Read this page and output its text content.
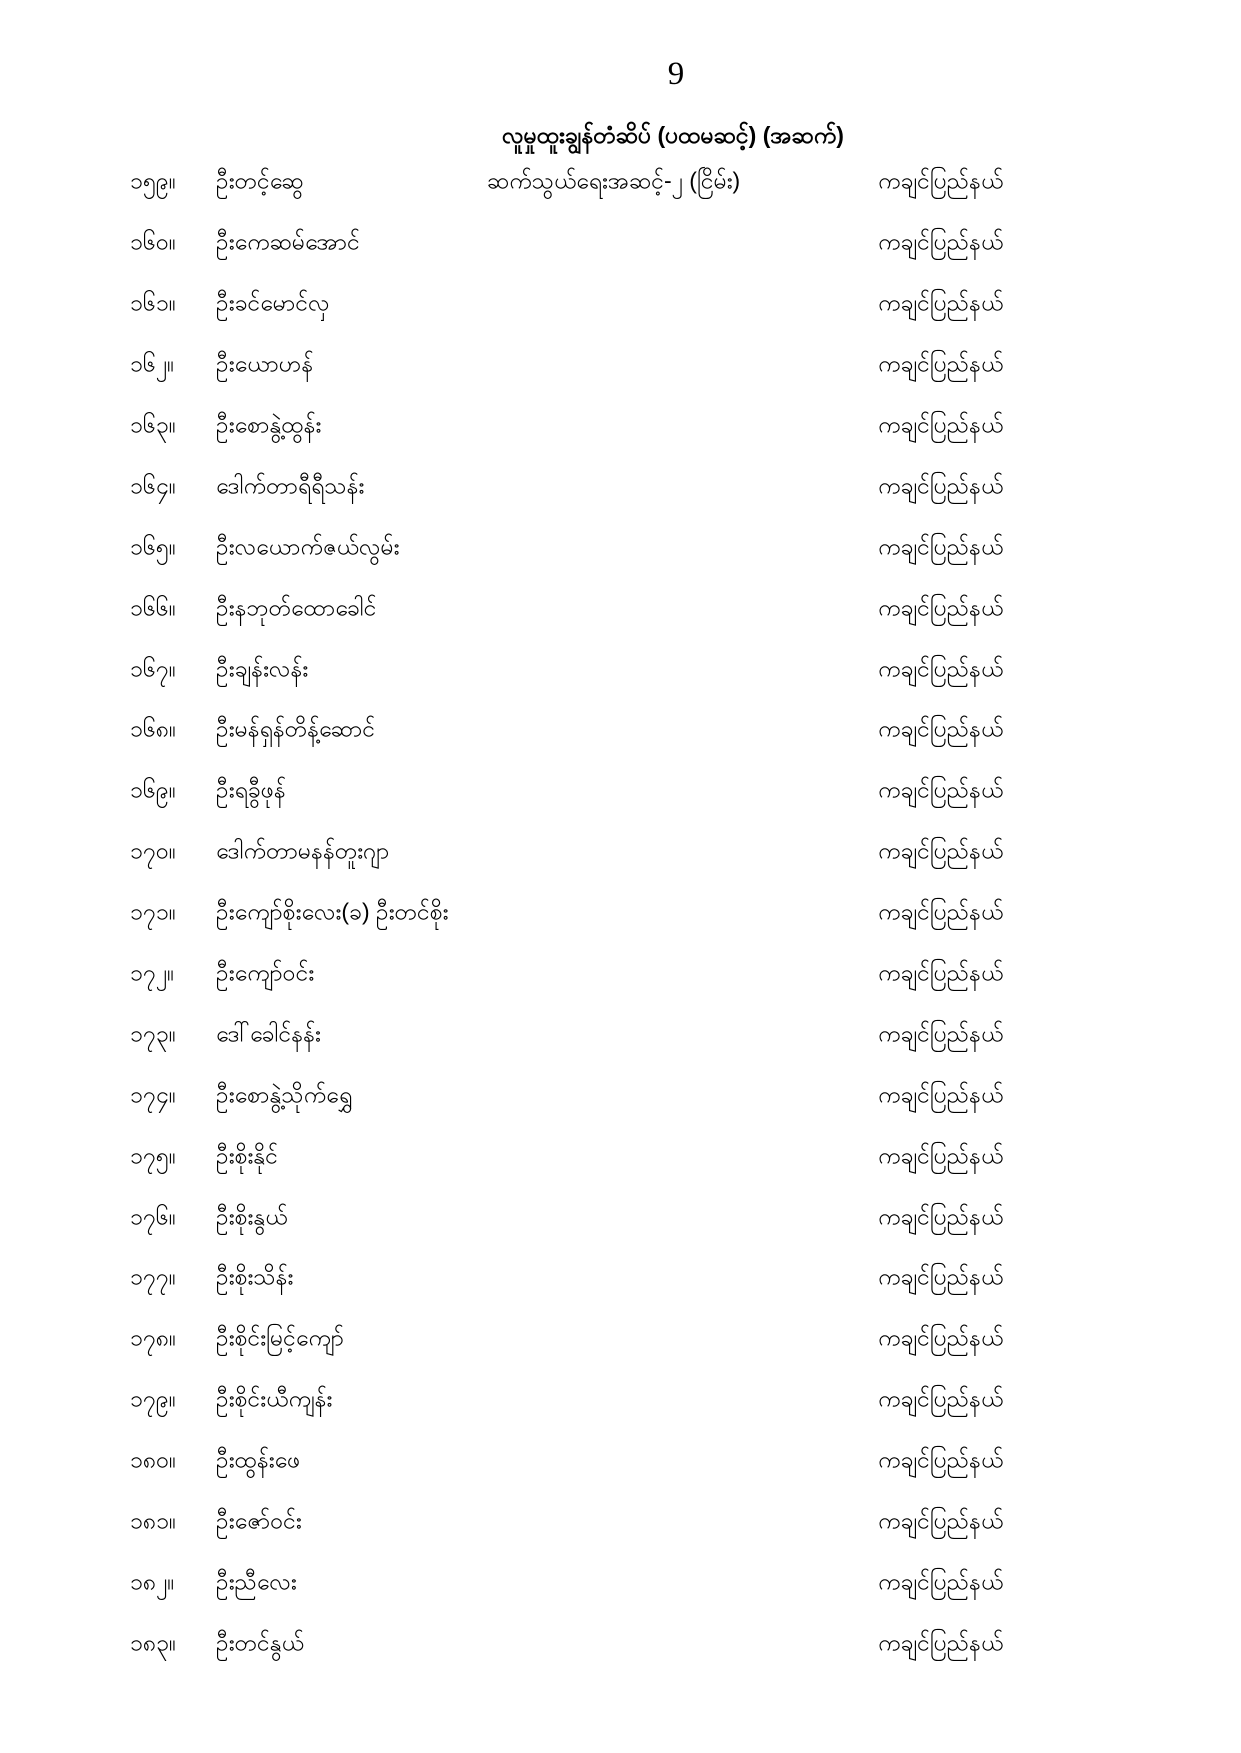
9
လူမှုထူးချွန်တံဆိပ် (ပထမဆင့်) (အဆက်)
၁၅၉။ ဦးတင့်ဆွေ	ဆက်သွယ်ရေးအဆင့်-၂ (ငြိမ်း)	ကချင်ပြည်နယ်
၁၆၀။ ဦးကေဆမ်အောင်	ကချင်ပြည်နယ်
၁၆၁။ ဦးခင်မောင်လှ	ကချင်ပြည်နယ်
၁၆၂။ ဦးယောဟန်	ကချင်ပြည်နယ်
၁၆၃။ ဦးစောနွဲ့ထွန်း	ကချင်ပြည်နယ်
၁၆၄။ ဒေါက်တာရီရီသန်း	ကချင်ပြည်နယ်
၁၆၅။ ဦးလယောက်ဇယ်လွမ်း	ကချင်ပြည်နယ်
၁၆၆။ ဦးနဘုတ်ထောခေါင်	ကချင်ပြည်နယ်
၁၆၇။ ဦးချန်းလန်း	ကချင်ပြည်နယ်
၁၆၈။ ဦးမန်ရှန်တိန့်ဆောင်	ကချင်ပြည်နယ်
၁၆၉။ ဦးရခွီဖုန်	ကချင်ပြည်နယ်
၁၇၀။ ဒေါက်တာမနန်တူးဂျာ	ကချင်ပြည်နယ်
၁၇၁။ ဦးကျော်စိုးလေး(ခ) ဦးတင်စိုး	ကချင်ပြည်နယ်
၁၇၂။ ဦးကျော်ဝင်း	ကချင်ပြည်နယ်
၁၇၃။ ဒေါ်ခေါင်နန်း	ကချင်ပြည်နယ်
၁၇၄။ ဦးစောနွဲ့သိုက်ရွှေ	ကချင်ပြည်နယ်
၁၇၅။ ဦးစိုးနိုင်	ကချင်ပြည်နယ်
၁၇၆။ ဦးစိုးနွယ်	ကချင်ပြည်နယ်
၁၇၇။ ဦးစိုးသိန်း	ကချင်ပြည်နယ်
၁၇၈။ ဦးစိုင်းမြင့်ကျော်	ကချင်ပြည်နယ်
၁၇၉။ ဦးစိုင်းယီကျန်း	ကချင်ပြည်နယ်
၁၈၀။ ဦးထွန်းဖေ	ကချင်ပြည်နယ်
၁၈၁။ ဦးဇော်ဝင်း	ကချင်ပြည်နယ်
၁၈၂။ ဦးညီလေး	ကချင်ပြည်နယ်
၁၈၃။ ဦးတင်နွယ်	ကချင်ပြည်နယ်
